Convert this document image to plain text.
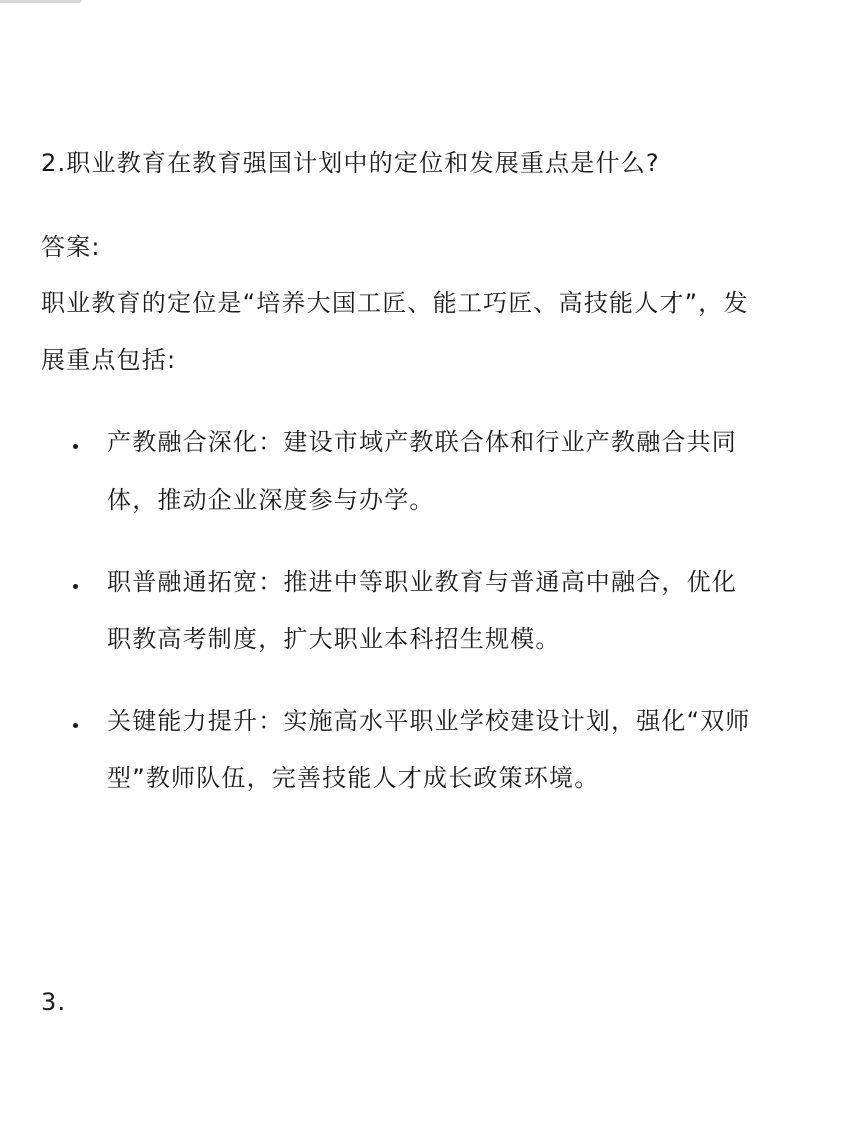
2.职业教育在教育强国计划中的定位和发展重点是什么?
答案:
职业教育的定位是“培养大国工匠、能工巧匠、高技能人才”，发
展重点包括:
产教融合深化：建设市域产教联合体和行业产教融合共同
体，推动企业深度参与办学。
职普融通拓宽：推进中等职业教育与普通高中融合，优化
职教高考制度，扩大职业本科招生规模。
关键能力提升：实施高水平职业学校建设计划，强化“双师
型”教师队伍，完善技能人才成长政策环境。
3.
